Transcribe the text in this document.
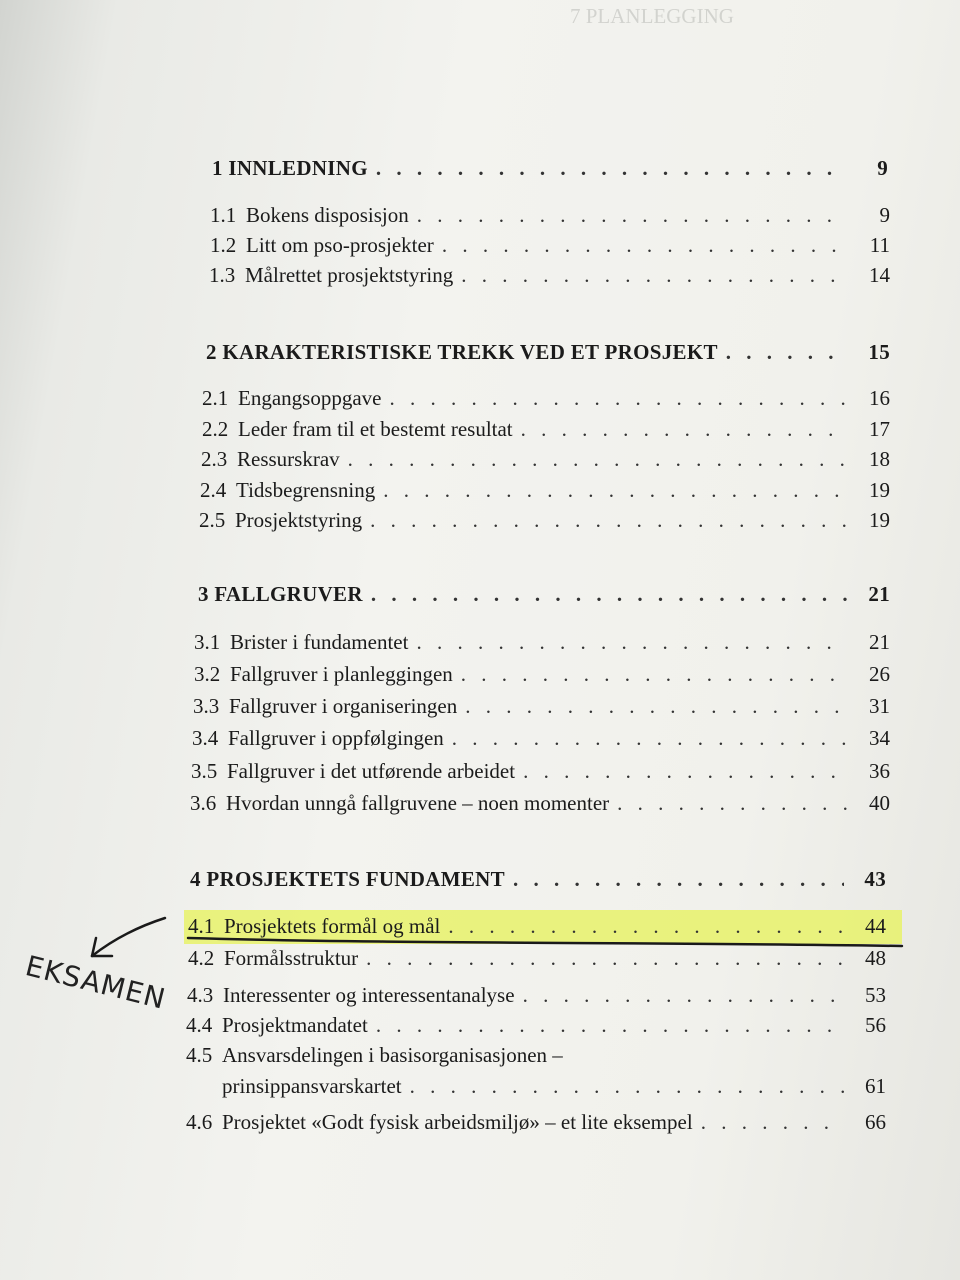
7 PLANLEGGING
1 INNLEDNING . . .	9
1.1 Bokens disposisjon . . .	9
1.2 Litt om pso-prosjekter . . .	11
1.3 Målrettet prosjektstyring . . .	14
2 KARAKTERISTISKE TREKK VED ET PROSJEKT . . .	15
2.1 Engangsoppgave . . .	16
2.2 Leder fram til et bestemt resultat . . .	17
2.3 Ressurskrav . . .	18
2.4 Tidsbegrensning . . .	19
2.5 Prosjektstyring . . .	19
3 FALLGRUVER . . .	21
3.1 Brister i fundamentet . . .	21
3.2 Fallgruver i planleggingen . . .	26
3.3 Fallgruver i organiseringen . . .	31
3.4 Fallgruver i oppfølgingen . . .	34
3.5 Fallgruver i det utførende arbeidet . . .	36
3.6 Hvordan unngå fallgruvene – noen momenter . . .	40
4 PROSJEKTETS FUNDAMENT . . .	43
4.1 Prosjektets formål og mål . . .	44
4.2 Formålsstruktur . . .	48
4.3 Interessenter og interessentanalyse . . .	53
4.4 Prosjektmandatet . . .	56
4.5 Ansvarsdelingen i basisorganisasjonen –
prinsippansvarskartet . . .	61
4.6 Prosjektet «Godt fysisk arbeidsmiljø» – et lite eksempel . . .	66
EKSAMEN
